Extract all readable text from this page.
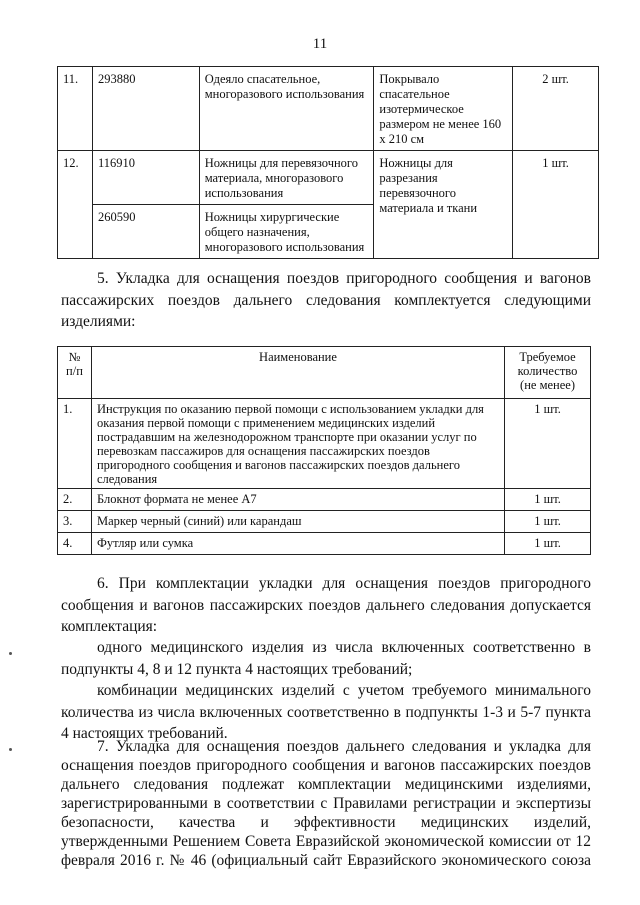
11
11.	293880	Одеяло спасательное, многоразового использования	Покрывало спасательное изотермическое размером не менее 160 х 210 см	2 шт.
12.	116910	Ножницы для перевязочного материала, многоразового использования	Ножницы для разрезания перевязочного материала и ткани	1 шт.
	260590	Ножницы хирургические общего назначения, многоразового использования		

5. Укладка для оснащения поездов пригородного сообщения и вагонов пассажирских поездов дальнего следования комплектуется следующими изделиями:

№ п/п	Наименование	Требуемое количество (не менее)
1.	Инструкция по оказанию первой помощи с использованием укладки для оказания первой помощи с применением медицинских изделий пострадавшим на железнодорожном транспорте при оказании услуг по перевозкам пассажиров для оснащения пассажирских поездов пригородного сообщения и вагонов пассажирских поездов дальнего следования	1 шт.
2.	Блокнот формата не менее А7	1 шт.
3.	Маркер черный (синий) или карандаш	1 шт.
4.	Футляр или сумка	1 шт.

6. При комплектации укладки для оснащения поездов пригородного сообщения и вагонов пассажирских поездов дальнего следования допускается комплектация:

одного медицинского изделия из числа включенных соответственно в подпункты 4, 8 и 12 пункта 4 настоящих требований;

комбинации медицинских изделий с учетом требуемого минимального количества из числа включенных соответственно в подпункты 1-3 и 5-7 пункта 4 настоящих требований.

7. Укладка для оснащения поездов дальнего следования и укладка для оснащения поездов пригородного сообщения и вагонов пассажирских поездов дальнего следования подлежат комплектации медицинскими изделиями, зарегистрированными в соответствии с Правилами регистрации и экспертизы безопасности, качества и эффективности медицинских изделий, утвержденными Решением Совета Евразийской экономической комиссии от 12 февраля 2016 г. № 46 (официальный сайт Евразийского экономического союза
